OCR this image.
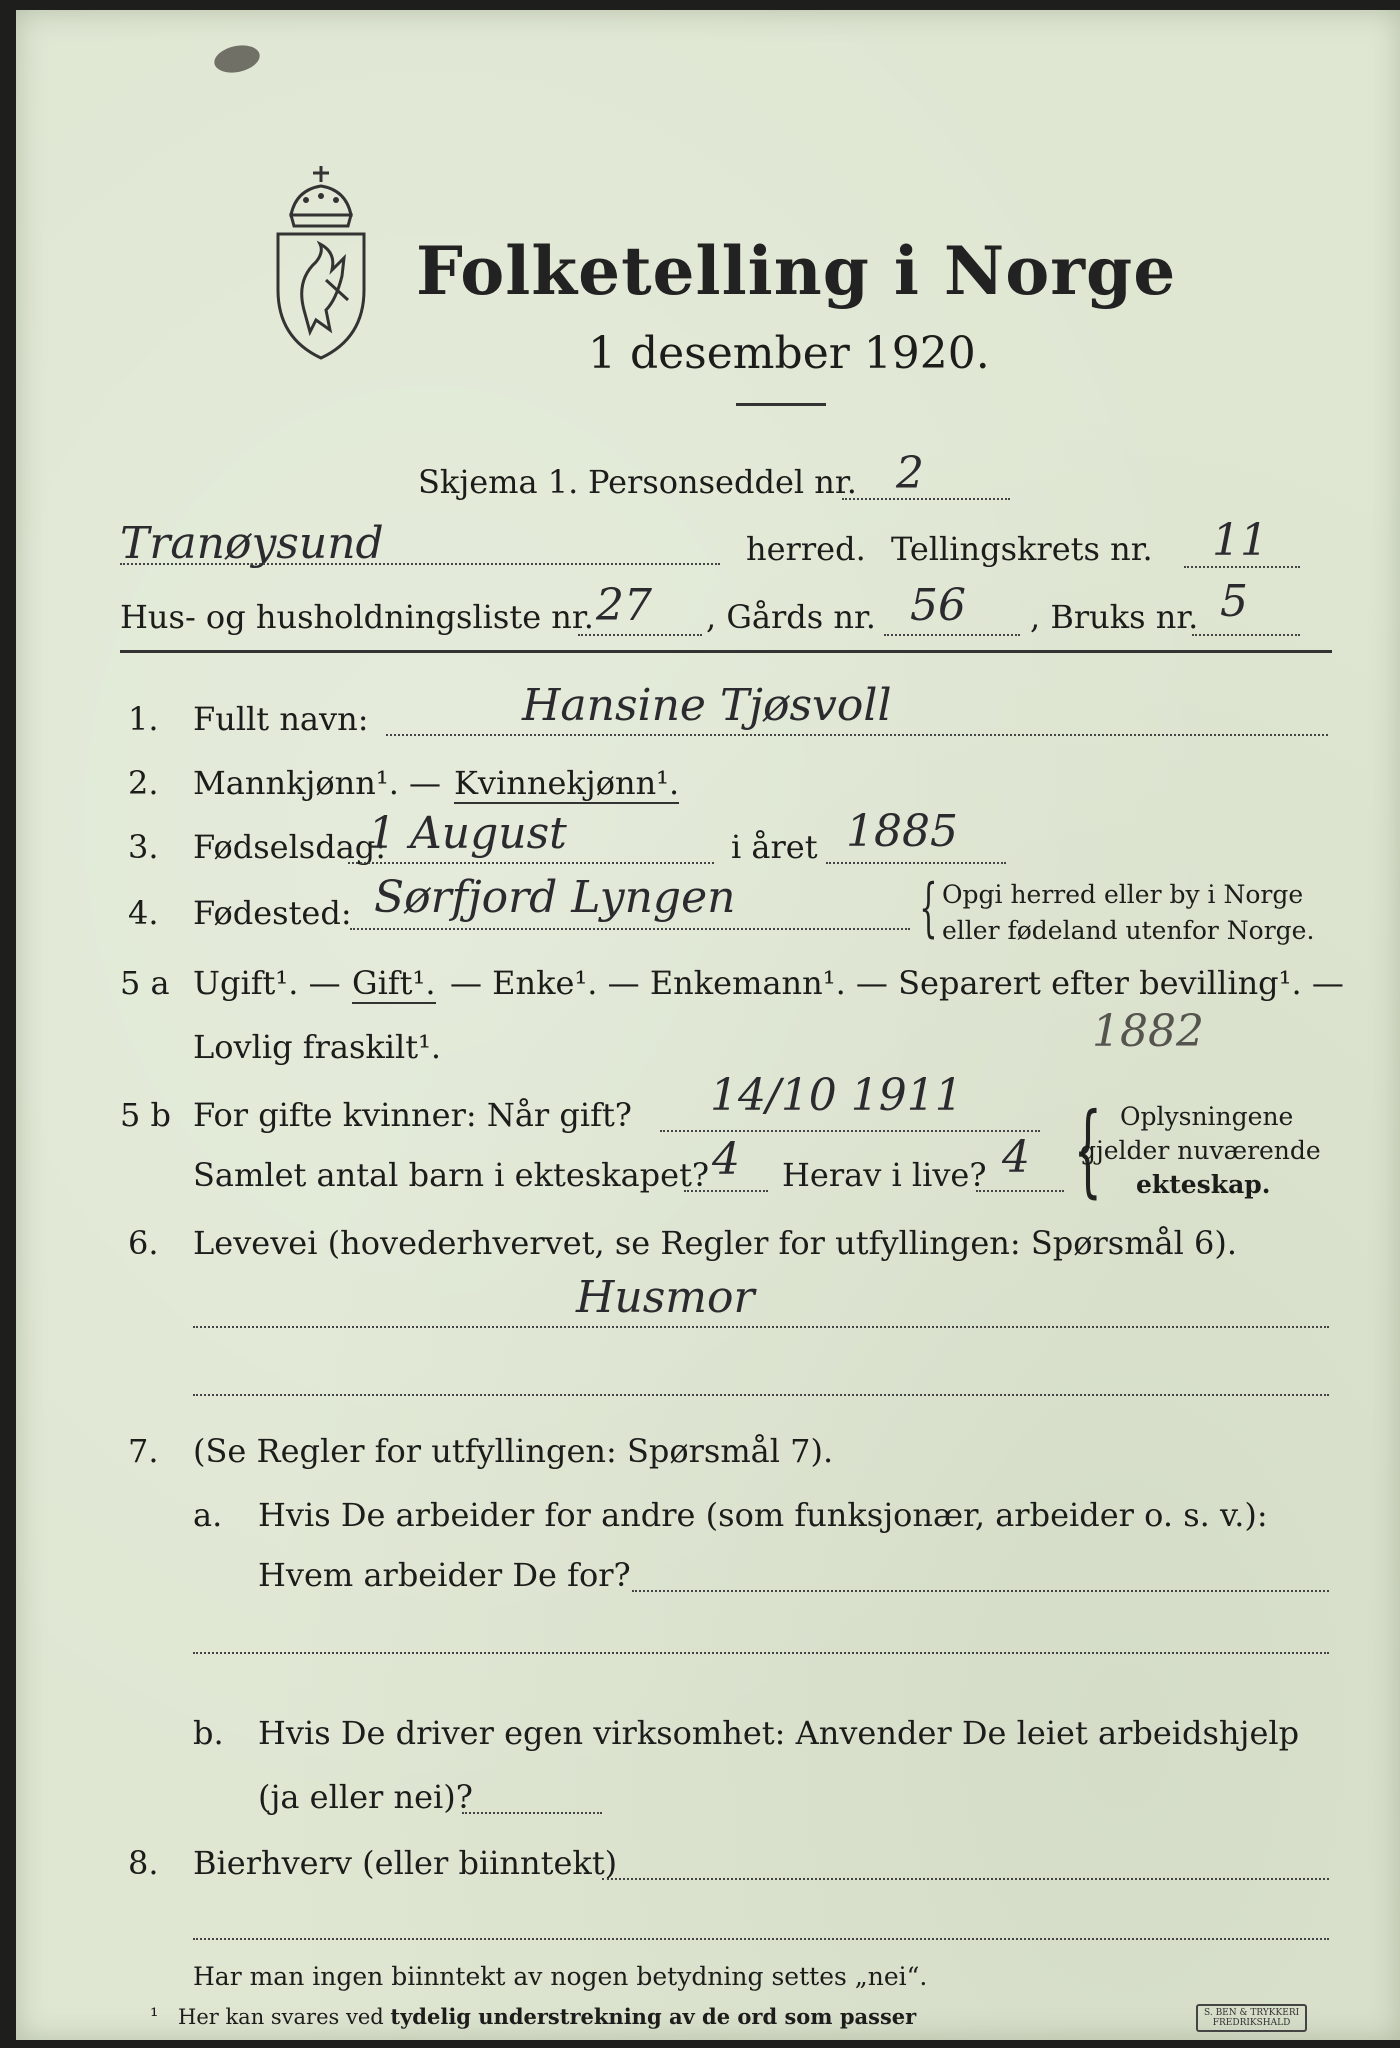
Folketelling i Norge
1 desember 1920.
Skjema 1. Personseddel nr. 2
Tranøysund	herred. Tellingskrets nr. 11
Hus- og husholdningsliste nr. 27 , Gårds nr. 56 , Bruks nr. 5
1. Fullt navn:	Hansine Tjøsvoll
2. Mannkjønn¹. — Kvinnekjønn¹.
3. Fødselsdag:
1 August	i året 1885
4. Fødested: Sørfjord Lyngen	{ Opgi herred eller by i Norge
eller fødeland utenfor Norge.
5 a Ugift¹. — Gift¹. — Enke¹. — Enkemann¹. — Separert efter bevilling¹. —
Lovlig fraskilt¹.	1882
5 b For gifte kvinner: Når gift? 14/10 1911
Samlet antal barn i ekteskapet? 4 Herav i live? 4 { Oplysningene
gjelder nuværende
ekteskap.
6. Levevei (hovederhvervet, se Regler for utfyllingen: Spørsmål 6).
Husmor
7. (Se Regler for utfyllingen: Spørsmål 7).
a. Hvis De arbeider for andre (som funksjonær, arbeider o. s. v.):
Hvem arbeider De for?
b. Hvis De driver egen virksomhet: Anvender De leiet arbeidshjelp
(ja eller nei)?
8. Bierhverv (eller biinntekt)
Har man ingen biinntekt av nogen betydning settes „nei“.
¹ Her kan svares ved tydelig understrekning av de ord som passer	S. BEN & TRYKKERI
FREDRIKSHALD
